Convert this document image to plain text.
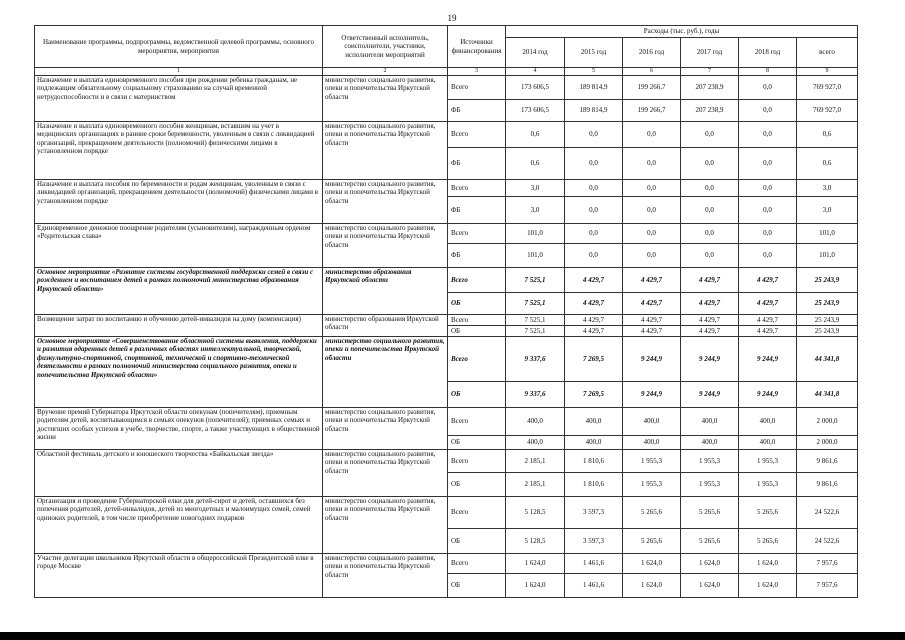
19
Наименование программы, подпрограммы, ведомственной целевой программы, основного мероприятия, мероприятия	Ответственный исполнитель, соисполнители, участники, исполнители мероприятий	Источники финансирования	Расходы (тыс. руб.), годы					
			2014 год	2015 год	2016 год	2017 год	2018 год	всего
1	2	3	4	5	6	7	8	9
Назначение и выплата единовременного пособия при рождении ребенка гражданам, не подлежащим обязательному социальному страхованию на случай временной нетрудоспособности и в связи с материнством	министерство социального развития, опеки и попечительства Иркутской области	Всего	173 606,5	189 814,9	199 266,7	207 238,9	0,0	769 927,0
		ФБ	173 606,5	189 814,9	199 266,7	207 238,9	0,0	769 927,0
Назначение и выплата единовременного пособия женщинам, вставшим на учет в медицинских организациях в ранние сроки беременности, уволенным в связи с ликвидацией организаций, прекращением деятельности (полномочий) физическими лицами в установленном порядке	министерство социального развития, опеки и попечительства Иркутской области	Всего	0,6	0,0	0,0	0,0	0,0	0,6
		ФБ	0,6	0,0	0,0	0,0	0,0	0,6
Назначение и выплата пособия по беременности и родам женщинам, уволенным в связи с ликвидацией организаций, прекращением деятельности (полномочий) физическими лицами в установленном порядке	министерство социального развития, опеки и попечительства Иркутской области	Всего	3,0	0,0	0,0	0,0	0,0	3,0
		ФБ	3,0	0,0	0,0	0,0	0,0	3,0
Единовременное денежное поощрение родителям (усыновителям), награжденным орденом «Родительская слава»	министерство социального развития, опеки и попечительства Иркутской области	Всего	101,0	0,0	0,0	0,0	0,0	101,0
		ФБ	101,0	0,0	0,0	0,0	0,0	101,0
Основное мероприятие «Развитие системы государственной поддержки семей в связи с рождением и воспитанием детей в рамках полномочий министерства образования Иркутской области»	министерство образования Иркутской области	Всего	7 525,1	4 429,7	4 429,7	4 429,7	4 429,7	25 243,9
		ОБ	7 525,1	4 429,7	4 429,7	4 429,7	4 429,7	25 243,9
Возмещение затрат по воспитанию и обучению детей-инвалидов на дому (компенсация)	министерство образования Иркутской области	Всего	7 525,1	4 429,7	4 429,7	4 429,7	4 429,7	25 243,9
		ОБ	7 525,1	4 429,7	4 429,7	4 429,7	4 429,7	25 243,9
Основное мероприятие «Совершенствование областной системы выявления, поддержки и развития одаренных детей в различных областях интеллектуальной, творческой, физкультурно-спортивной, спортивной, технической и спортивно-технической деятельности в рамках полномочий министерства социального развития, опеки и попечительства Иркутской области»	министерство социального развития, опеки и попечительства Иркутской области	Всего	9 337,6	7 269,5	9 244,9	9 244,9	9 244,9	44 341,8
		ОБ	9 337,6	7 269,5	9 244,9	9 244,9	9 244,9	44 341,8
Вручение премий Губернатора Иркутской области опекунам (попечителям), приемным родителям детей, воспитывающимся в семьях опекунов (попечителей); приемных семьях и достигших особых успехов в учебе, творчестве, спорте, а также участвующих в общественной жизни	министерство социального развития, опеки и попечительства Иркутской области	Всего	400,0	400,0	400,0	400,0	400,0	2 000,0
		ОБ	400,0	400,0	400,0	400,0	400,0	2 000,0
Областной фестиваль детского и юношеского творчества «Байкальская звезда»	министерство социального развития, опеки и попечительства Иркутской области	Всего	2 185,1	1 810,6	1 955,3	1 955,3	1 955,3	9 861,6
		ОБ	2 185,1	1 810,6	1 955,3	1 955,3	1 955,3	9 861,6
Организация и проведение Губернаторской елки для детей-сирот и детей, оставшихся без попечения родителей, детей-инвалидов, детей из многодетных и малоимущих семей, семей одиноких родителей, в том числе приобретение новогодних подарков	министерство социального развития, опеки и попечительства Иркутской области	Всего	5 128,5	3 597,3	5 265,6	5 265,6	5 265,6	24 522,6
		ОБ	5 128,5	3 597,3	5 265,6	5 265,6	5 265,6	24 522,6
Участие делегации школьников Иркутской области в общероссийской Президентской елке в городе Москве	министерство социального развития, опеки и попечительства Иркутской области	Всего	1 624,0	1 461,6	1 624,0	1 624,0	1 624,0	7 957,6
		ОБ	1 624,0	1 461,6	1 624,0	1 624,0	1 624,0	7 957,6
